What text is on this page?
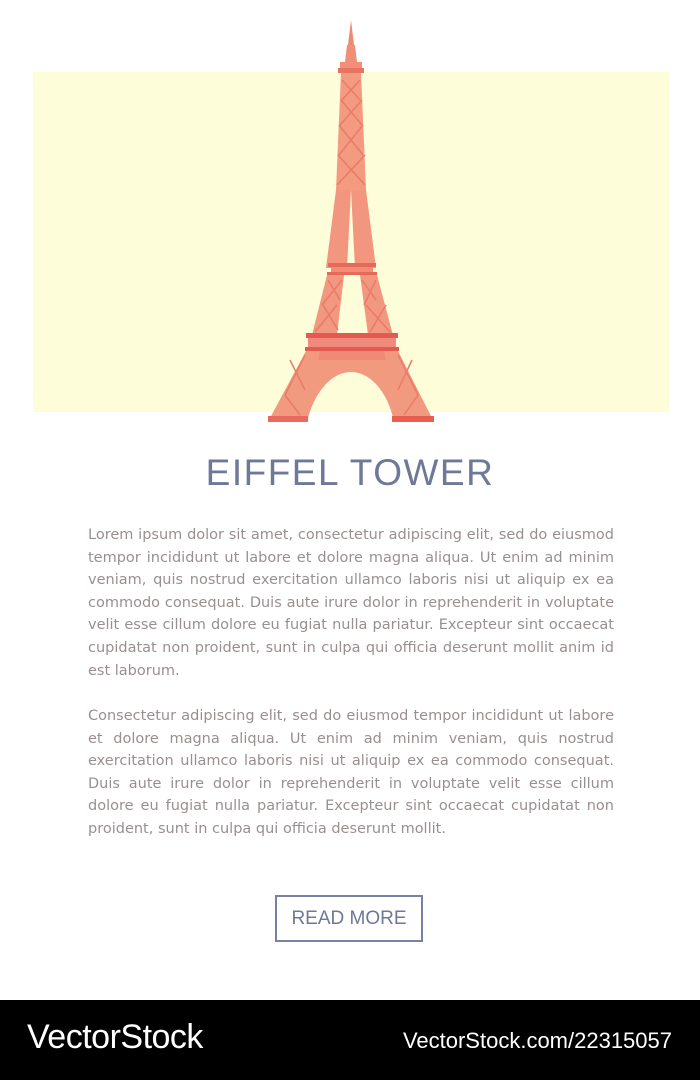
EIFFEL TOWER

Lorem ipsum dolor sit amet, consectetur adipiscing elit, sed do eiusmod tempor incididunt ut labore et dolore magna aliqua. Ut enim ad minim veniam, quis nostrud exercitation ullamco laboris nisi ut aliquip ex ea commodo consequat. Duis aute irure dolor in reprehenderit in voluptate velit esse cillum dolore eu fugiat nulla pariatur. Excepteur sint occaecat cupidatat non proident, sunt in culpa qui officia deserunt mollit anim id est laborum.

Consectetur adipiscing elit, sed do eiusmod tempor incididunt ut labore et dolore magna aliqua. Ut enim ad minim veniam, quis nostrud exercitation ullamco laboris nisi ut aliquip ex ea commodo consequat. Duis aute irure dolor in reprehenderit in voluptate velit esse cillum dolore eu fugiat nulla pariatur. Excepteur sint occaecat cupidatat non proident, sunt in culpa qui officia deserunt mollit.

READ MORE
VectorStock	VectorStock.com/22315057
